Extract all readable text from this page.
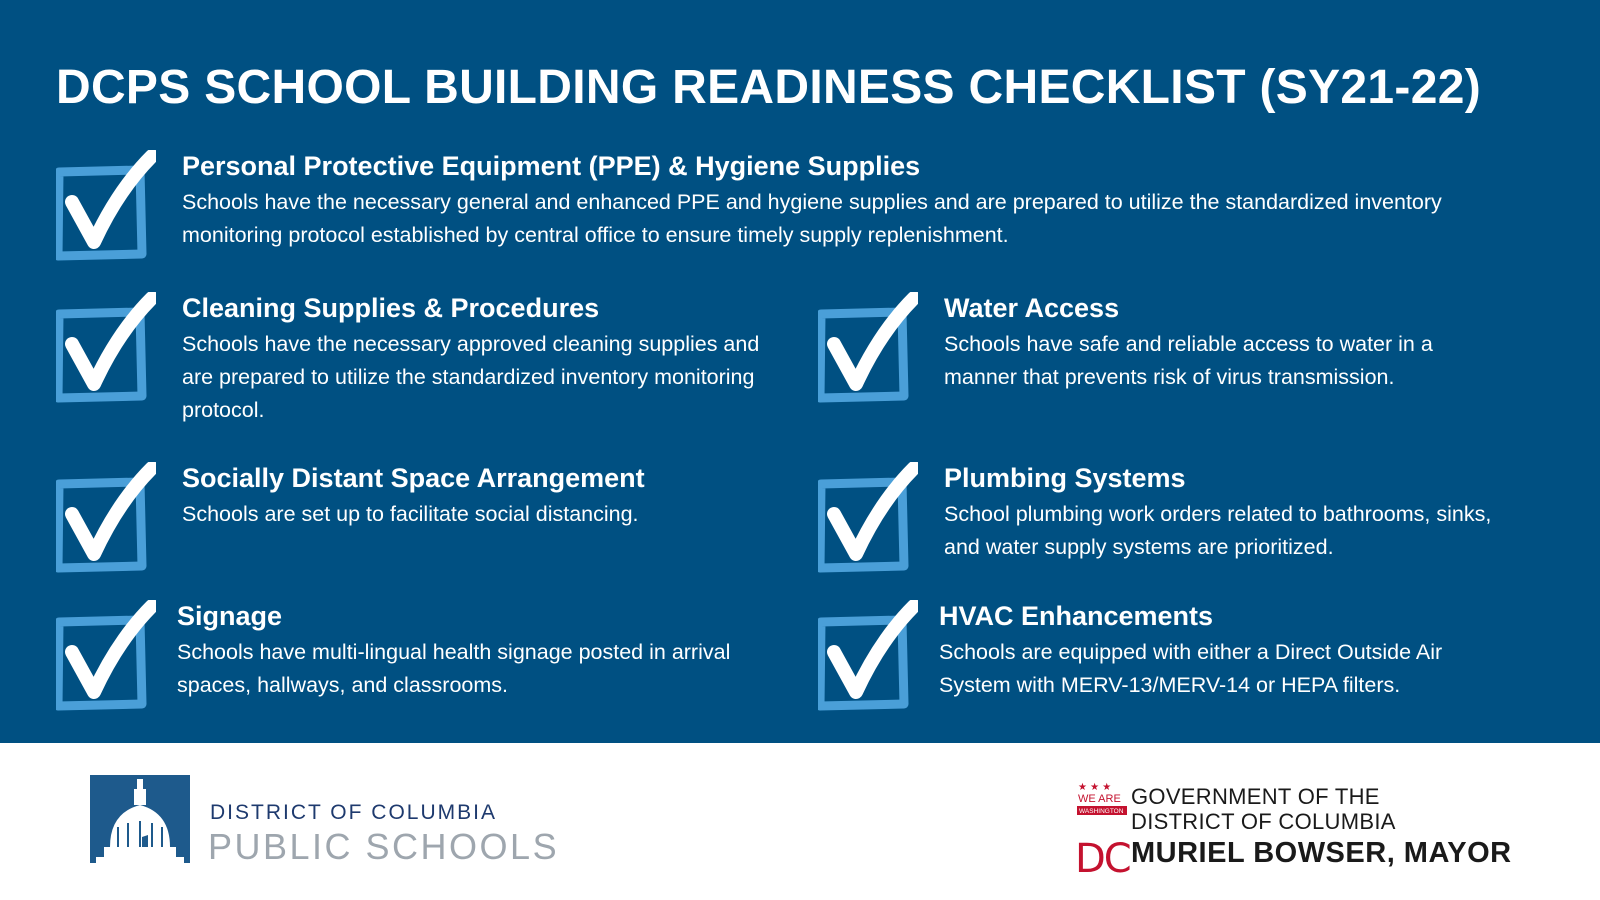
DCPS SCHOOL BUILDING READINESS CHECKLIST (SY21-22)
Personal Protective Equipment (PPE) & Hygiene Supplies

Schools have the necessary general and enhanced PPE and hygiene supplies and are prepared to utilize the standardized inventory monitoring protocol established by central office to ensure timely supply replenishment.

Cleaning Supplies & Procedures

Schools have the necessary approved cleaning supplies and are prepared to utilize the standardized inventory monitoring protocol.

Water Access

Schools have safe and reliable access to water in a manner that prevents risk of virus transmission.

Socially Distant Space Arrangement

Schools are set up to facilitate social distancing.

Plumbing Systems

School plumbing work orders related to bathrooms, sinks, and water supply systems are prioritized.

Signage

Schools have multi-lingual health signage posted in arrival spaces, hallways, and classrooms.

HVAC Enhancements

Schools are equipped with either a Direct Outside Air System with MERV-13/MERV-14 or HEPA filters.

DISTRICT OF COLUMBIA
PUBLIC SCHOOLS
★ ★ ★
WE ARE
WASHINGTON
DC
GOVERNMENT OF THE
DISTRICT OF COLUMBIA
MURIEL BOWSER, MAYOR
